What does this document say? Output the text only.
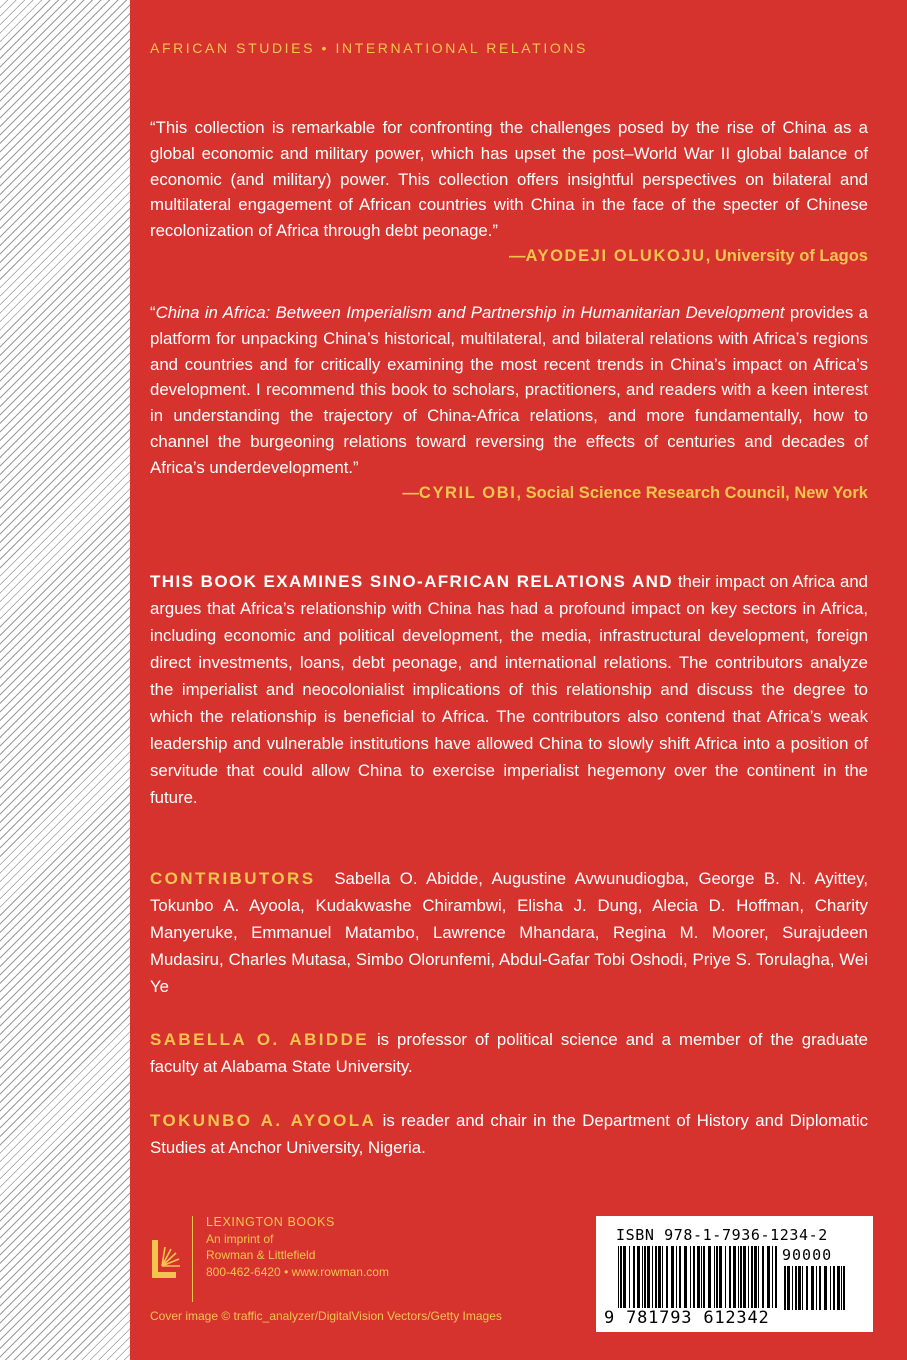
AFRICAN STUDIES • INTERNATIONAL RELATIONS

“This collection is remarkable for confronting the challenges posed by the rise of China as a global economic and military power, which has upset the post–World War II global balance of economic (and military) power. This collection offers insightful perspectives on bilateral and multilateral engagement of African countries with China in the face of the specter of Chinese recolonization of Africa through debt peonage.”

—AYODEJI OLUKOJU, University of Lagos

“China in Africa: Between Imperialism and Partnership in Humanitarian Development provides a platform for unpacking China’s historical, multilateral, and bilateral relations with Africa’s regions and countries and for critically examining the most recent trends in China’s impact on Africa’s development. I recommend this book to scholars, practitioners, and readers with a keen interest in understanding the trajectory of China-Africa relations, and more fundamentally, how to channel the burgeoning relations toward reversing the effects of centuries and decades of Africa’s underdevelopment.”

—CYRIL OBI, Social Science Research Council, New York
THIS BOOK EXAMINES SINO-AFRICAN RELATIONS AND their impact on Africa and argues that Africa’s relationship with China has had a profound impact on key sectors in Africa, including economic and political development, the media, infrastructural development, foreign direct investments, loans, debt peonage, and international relations. The contributors analyze the imperialist and neocolonialist implications of this relationship and discuss the degree to which the relationship is beneficial to Africa. The contributors also contend that Africa’s weak leadership and vulnerable institutions have allowed China to slowly shift Africa into a position of servitude that could allow China to exercise imperialist hegemony over the continent in the future.
CONTRIBUTORS Sabella O. Abidde, Augustine Avwunudiogba, George B. N. Ayittey, Tokunbo A. Ayoola, Kudakwashe Chirambwi, Elisha J. Dung, Alecia D. Hoffman, Charity Manyeruke, Emmanuel Matambo, Lawrence Mhandara, Regina M. Moorer, Surajudeen Mudasiru, Charles Mutasa, Simbo Olorunfemi, Abdul-Gafar Tobi Oshodi, Priye S. Torulagha, Wei Ye
SABELLA O. ABIDDE is professor of political science and a member of the graduate faculty at Alabama State University.
TOKUNBO A. AYOOLA is reader and chair in the Department of History and Diplomatic Studies at Anchor University, Nigeria.
LEXINGTON BOOKS
An imprint of
Rowman & Littlefield
800-462-6420 • www.rowman.com
Cover image © traffic_analyzer/DigitalVision Vectors/Getty Images
ISBN 978-1-7936-1234-2
90000
9 781793 612342
